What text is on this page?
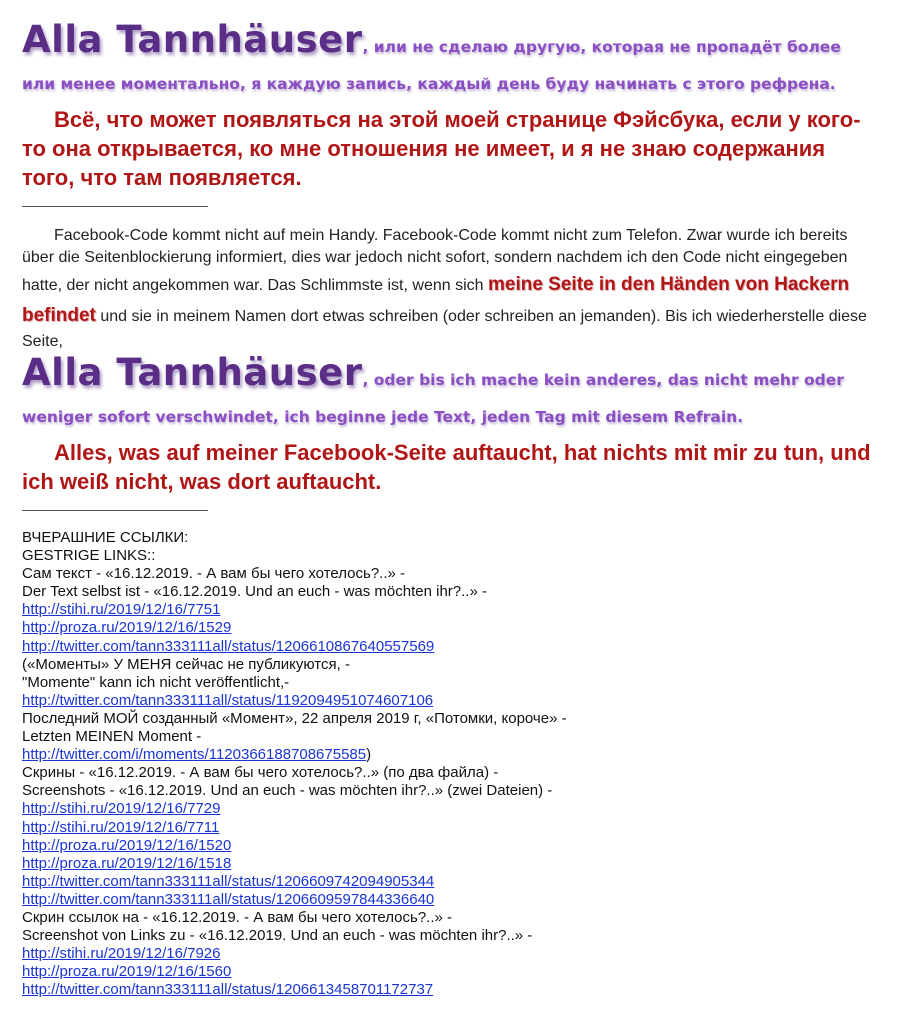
Alla Tannhäuser, или не сделаю другую, которая не пропадёт более или менее моментально, я каждую запись, каждый день буду начинать с этого рефрена.

Всё, что может появляться на этой моей странице Фэйсбука, если у кого-то она открывается, ко мне отношения не имеет, и я не знаю содержания того, что там появляется.

Facebook-Code kommt nicht auf mein Handy. Facebook-Code kommt nicht zum Telefon. Zwar wurde ich bereits über die Seitenblockierung informiert, dies war jedoch nicht sofort, sondern nachdem ich den Code nicht eingegeben hatte, der nicht angekommen war. Das Schlimmste ist, wenn sich meine Seite in den Händen von Hackern befindet und sie in meinem Namen dort etwas schreiben (oder schreiben an jemanden). Bis ich wiederherstelle diese Seite,

Alla Tannhäuser, oder bis ich mache kein anderes, das nicht mehr oder weniger sofort verschwindet, ich beginne jede Text, jeden Tag mit diesem Refrain.

Alles, was auf meiner Facebook-Seite auftaucht, hat nichts mit mir zu tun, und ich weiß nicht, was dort auftaucht.

ВЧЕРАШНИЕ ССЫЛКИ:
GESTRIGE LINKS::
Сам текст - «16.12.2019. - А вам бы чего хотелось?..» -
Der Text selbst ist - «16.12.2019. Und an euch - was möchten ihr?..» -
http://stihi.ru/2019/12/16/7751
http://proza.ru/2019/12/16/1529
http://twitter.com/tann333111all/status/1206610867640557569
(«Моменты» У МЕНЯ сейчас не публикуются, -
"Momente" kann ich nicht veröffentlicht,-
http://twitter.com/tann333111all/status/1192094951074607106
Последний МОЙ созданный «Момент», 22 апреля 2019 г, «Потомки, короче» -
Letzten MEINEN Moment -
http://twitter.com/i/moments/1120366188708675585)
Скрины - «16.12.2019. - А вам бы чего хотелось?..» (по два файла) -
Screenshots - «16.12.2019. Und an euch - was möchten ihr?..» (zwei Dateien) -
http://stihi.ru/2019/12/16/7729
http://stihi.ru/2019/12/16/7711
http://proza.ru/2019/12/16/1520
http://proza.ru/2019/12/16/1518
http://twitter.com/tann333111all/status/1206609742094905344
http://twitter.com/tann333111all/status/1206609597844336640
Скрин ссылок на - «16.12.2019. - А вам бы чего хотелось?..» -
Screenshot von Links zu - «16.12.2019. Und an euch - was möchten ihr?..» -
http://stihi.ru/2019/12/16/7926
http://proza.ru/2019/12/16/1560
http://twitter.com/tann333111all/status/1206613458701172737
